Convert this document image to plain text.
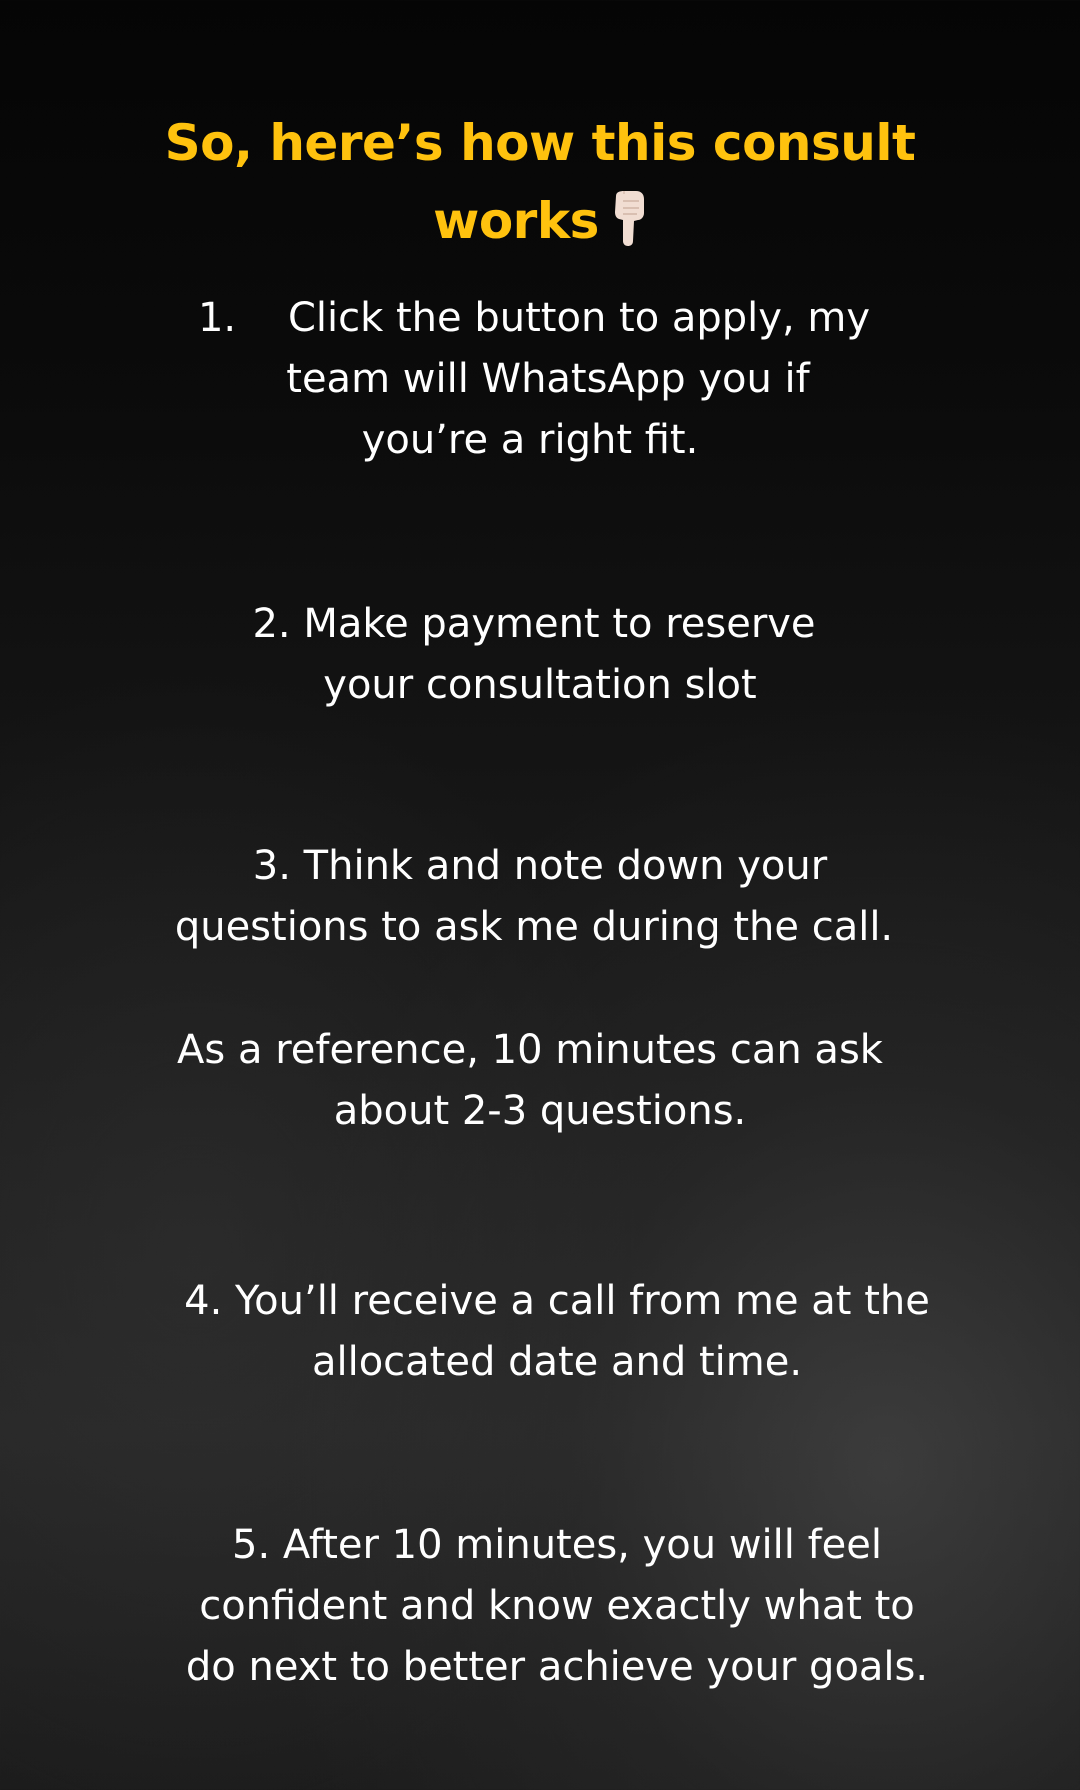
So, here’s how this consult
works
1. Click the button to apply, my
team will WhatsApp you if
you’re a right fit.
2. Make payment to reserve
your consultation slot
3. Think and note down your
questions to ask me during the call.
As a reference, 10 minutes can ask
about 2-3 questions.
4. You’ll receive a call from me at the
allocated date and time.
5. After 10 minutes, you will feel
confident and know exactly what to
do next to better achieve your goals.
